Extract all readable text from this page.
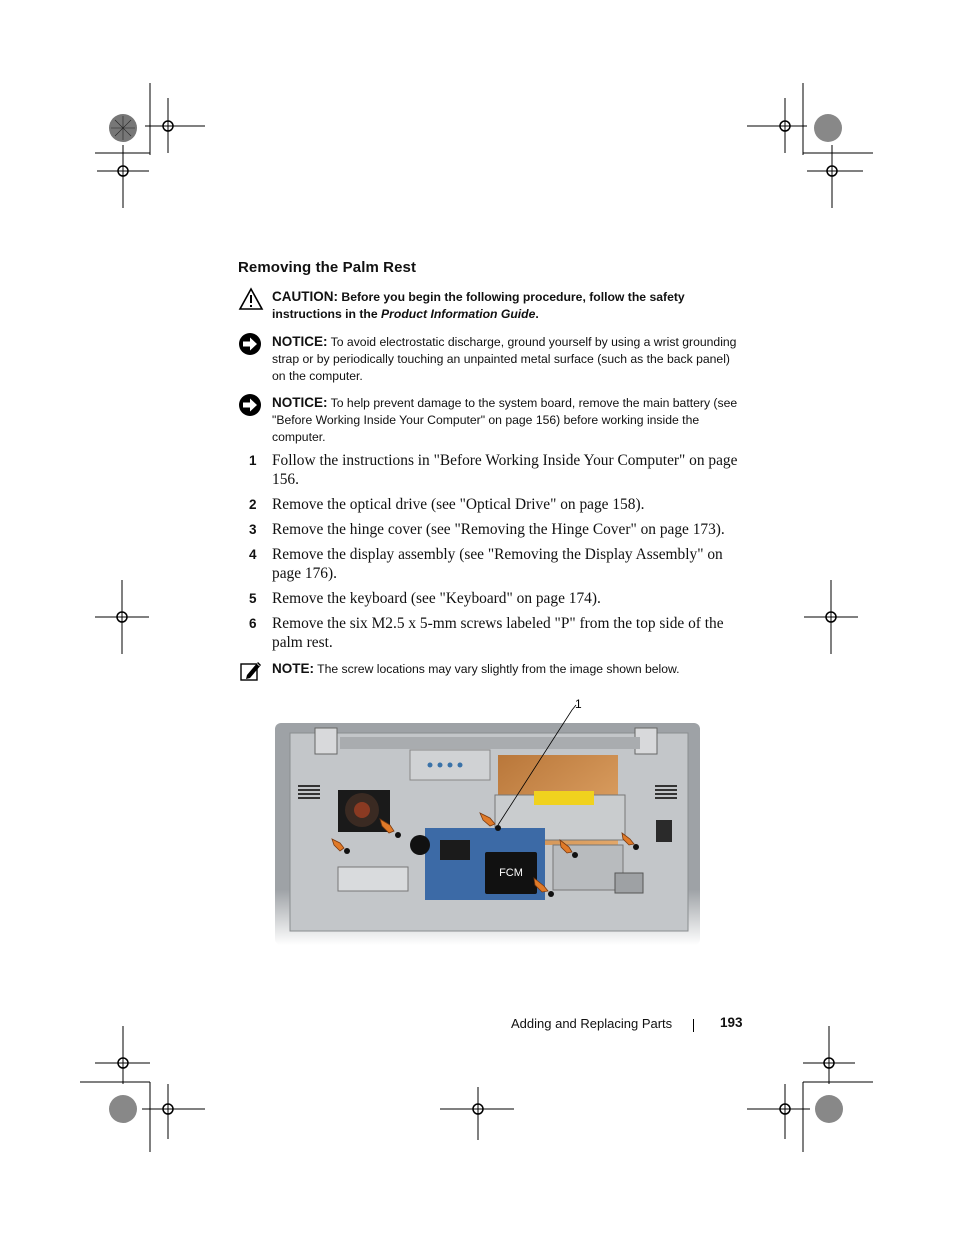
Removing the Palm Rest
CAUTION: Before you begin the following procedure, follow the safety instructions in the Product Information Guide.
NOTICE: To avoid electrostatic discharge, ground yourself by using a wrist grounding strap or by periodically touching an unpainted metal surface (such as the back panel) on the computer.
NOTICE: To help prevent damage to the system board, remove the main battery (see "Before Working Inside Your Computer" on page 156) before working inside the computer.
1 Follow the instructions in "Before Working Inside Your Computer" on page 156.
2 Remove the optical drive (see "Optical Drive" on page 158).
3 Remove the hinge cover (see "Removing the Hinge Cover" on page 173).
4 Remove the display assembly (see "Removing the Display Assembly" on page 176).
5 Remove the keyboard (see "Keyboard" on page 174).
6 Remove the six M2.5 x 5-mm screws labeled "P" from the top side of the palm rest.
NOTE: The screw locations may vary slightly from the image shown below.
FCM
1
Adding and Replacing Parts	193
